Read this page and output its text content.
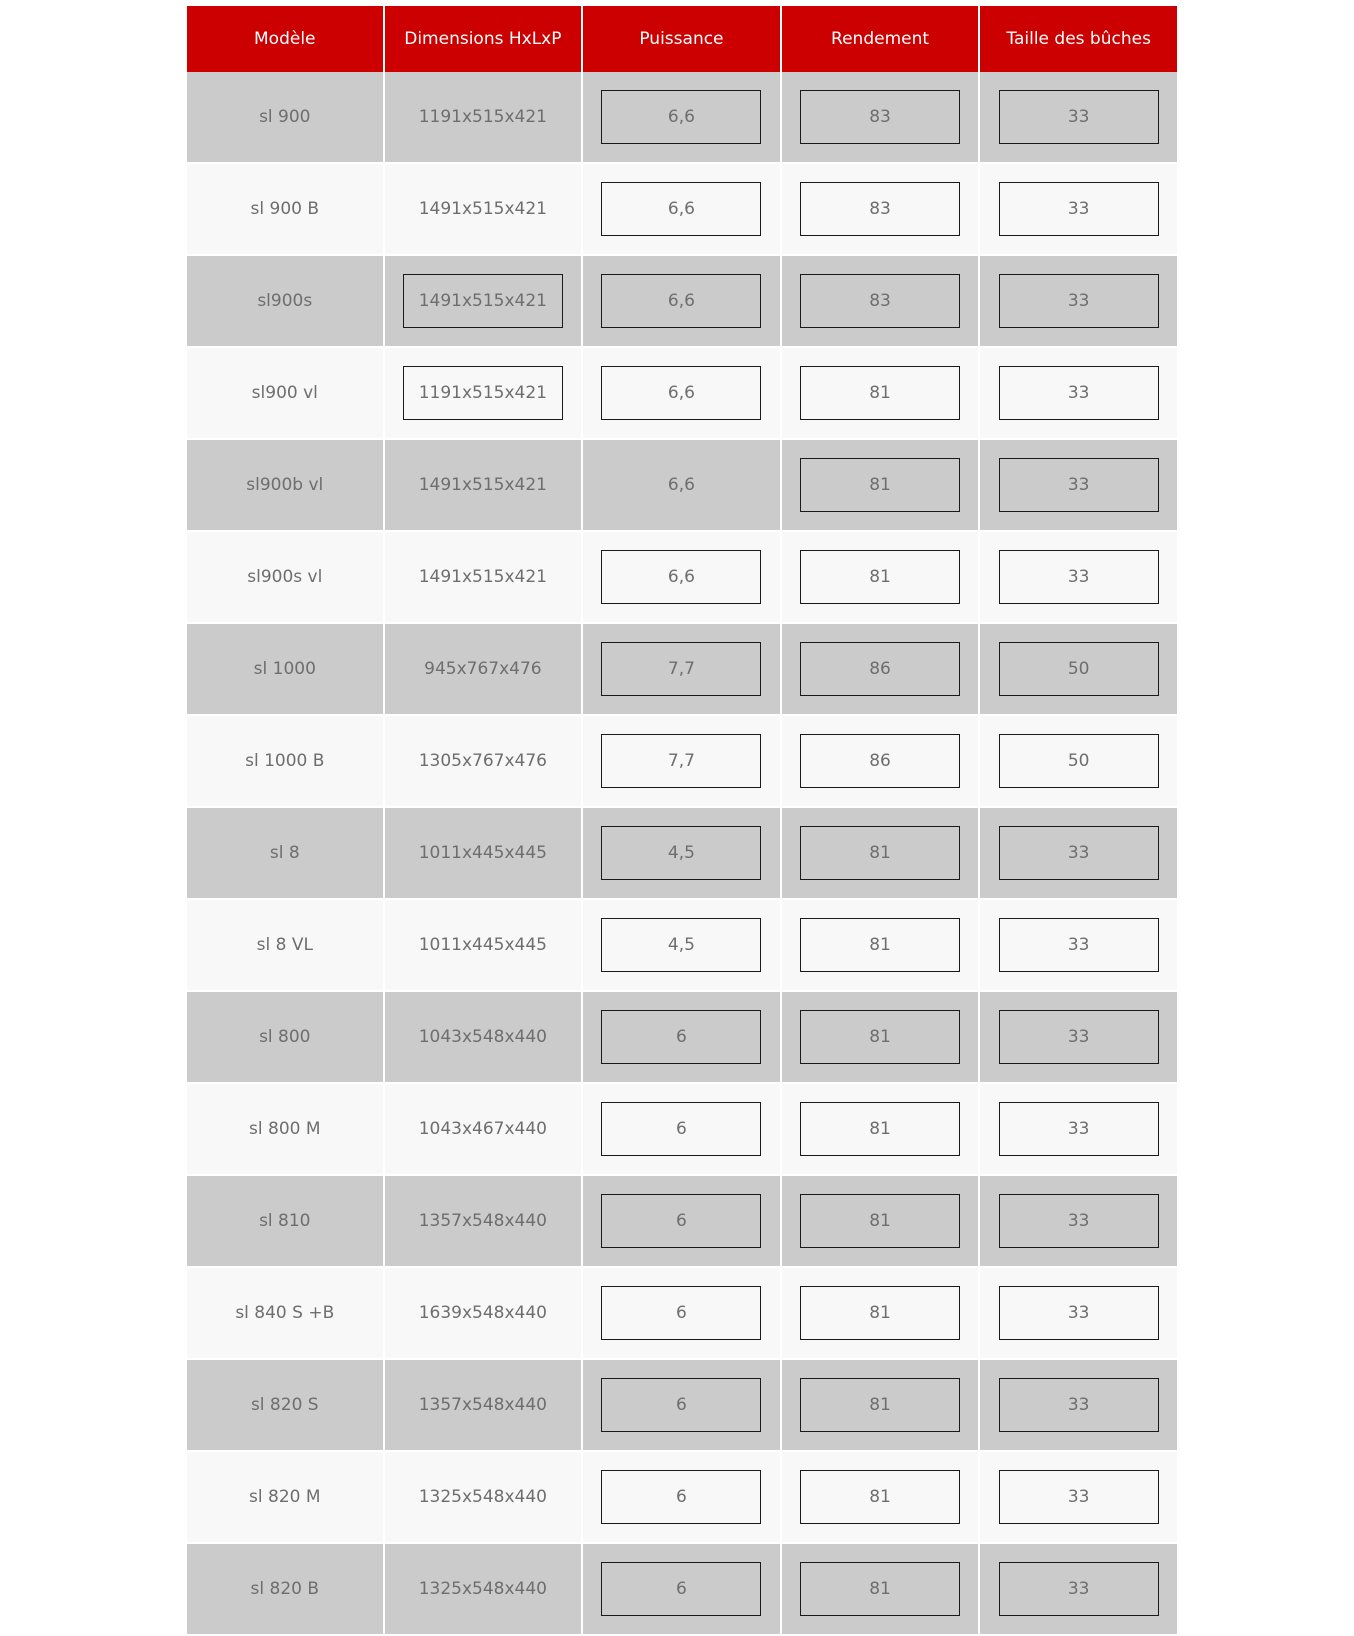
Modèle	Dimensions HxLxP	Puissance	Rendement	Taille des bûches
sl 900	1191x515x421	6,6	83	33
sl 900 B	1491x515x421	6,6	83	33
sl900s	1491x515x421	6,6	83	33
sl900 vl	1191x515x421	6,6	81	33
sl900b vl	1491x515x421	6,6	81	33
sl900s vl	1491x515x421	6,6	81	33
sl 1000	945x767x476	7,7	86	50
sl 1000 B	1305x767x476	7,7	86	50
sl 8	1011x445x445	4,5	81	33
sl 8 VL	1011x445x445	4,5	81	33
sl 800	1043x548x440	6	81	33
sl 800 M	1043x467x440	6	81	33
sl 810	1357x548x440	6	81	33
sl 840 S +B	1639x548x440	6	81	33
sl 820 S	1357x548x440	6	81	33
sl 820 M	1325x548x440	6	81	33
sl 820 B	1325x548x440	6	81	33
